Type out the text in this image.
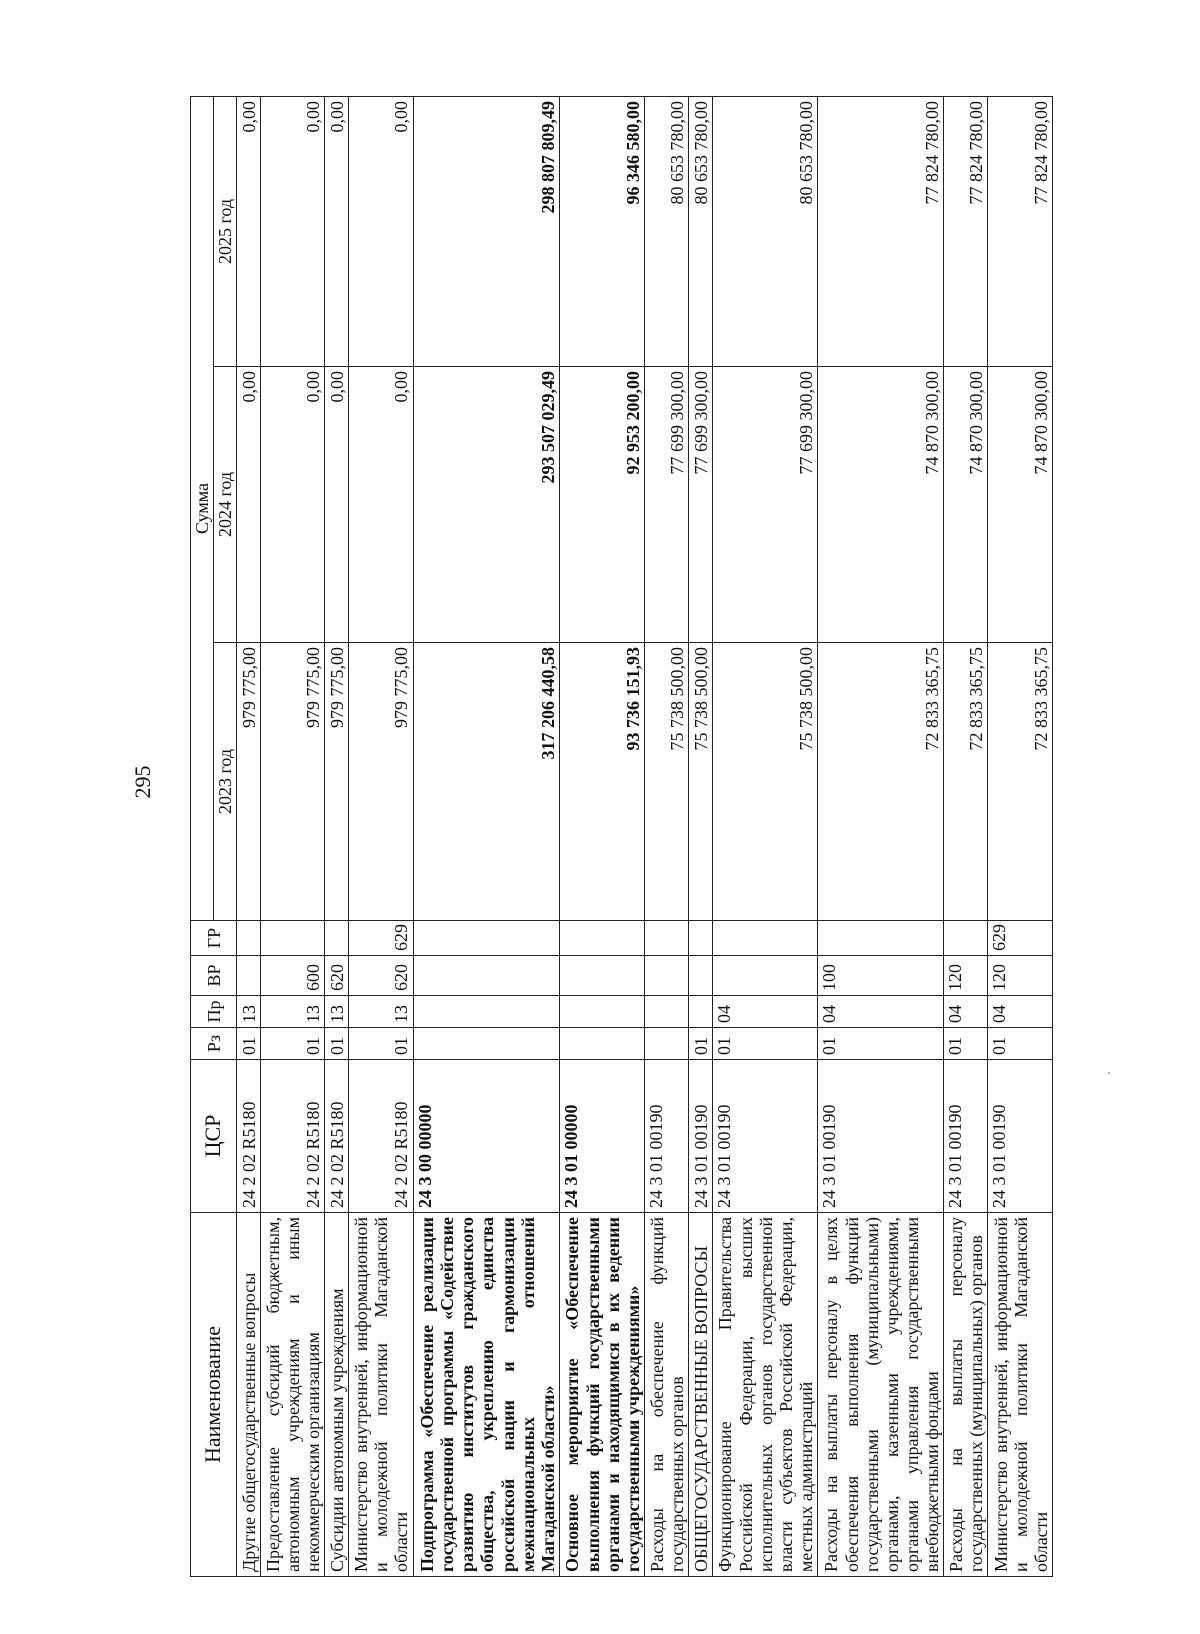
295
Наименование	ЦСР	Рз	Пр	ВР	ГР	Сумма		
						2023 год	2024 год	2025 год
Другие общегосударственные вопросы	24 2 02 R5180	01	13			979 775,00	0,00	0,00
Предоставление субсидий бюджетным, автономным учреждениям и иным некоммерческим организациям	24 2 02 R5180	01	13	600		979 775,00	0,00	0,00
Субсидии автономным учреждениям	24 2 02 R5180	01	13	620		979 775,00	0,00	0,00
Министерство внутренней, информационной и молодежной политики Магаданской области	24 2 02 R5180	01	13	620	629	979 775,00	0,00	0,00
Подпрограмма «Обеспечение реализации государственной программы «Содействие развитию институтов гражданского общества, укреплению единства российской нации и гармонизации межнациональных отношений Магаданской области»	24 3 00 00000					317 206 440,58	293 507 029,49	298 807 809,49
Основное мероприятие «Обеспечение выполнения функций государственными органами и находящимися в их ведении государственными учреждениями»	24 3 01 00000					93 736 151,93	92 953 200,00	96 346 580,00
Расходы на обеспечение функций государственных органов	24 3 01 00190					75 738 500,00	77 699 300,00	80 653 780,00
ОБЩЕГОСУДАРСТВЕННЫЕ ВОПРОСЫ	24 3 01 00190	01				75 738 500,00	77 699 300,00	80 653 780,00
Функционирование Правительства Российской Федерации, высших исполнительных органов государственной власти субъектов Российской Федерации, местных администраций	24 3 01 00190	01	04			75 738 500,00	77 699 300,00	80 653 780,00
Расходы на выплаты персоналу в целях обеспечения выполнения функций государственными (муниципальными) органами, казенными учреждениями, органами управления государственными внебюджетными фондами	24 3 01 00190	01	04	100		72 833 365,75	74 870 300,00	77 824 780,00
Расходы на выплаты персоналу государственных (муниципальных) органов	24 3 01 00190	01	04	120		72 833 365,75	74 870 300,00	77 824 780,00
Министерство внутренней, информационной и молодежной политики Магаданской области	24 3 01 00190	01	04	120	629	72 833 365,75	74 870 300,00	77 824 780,00
